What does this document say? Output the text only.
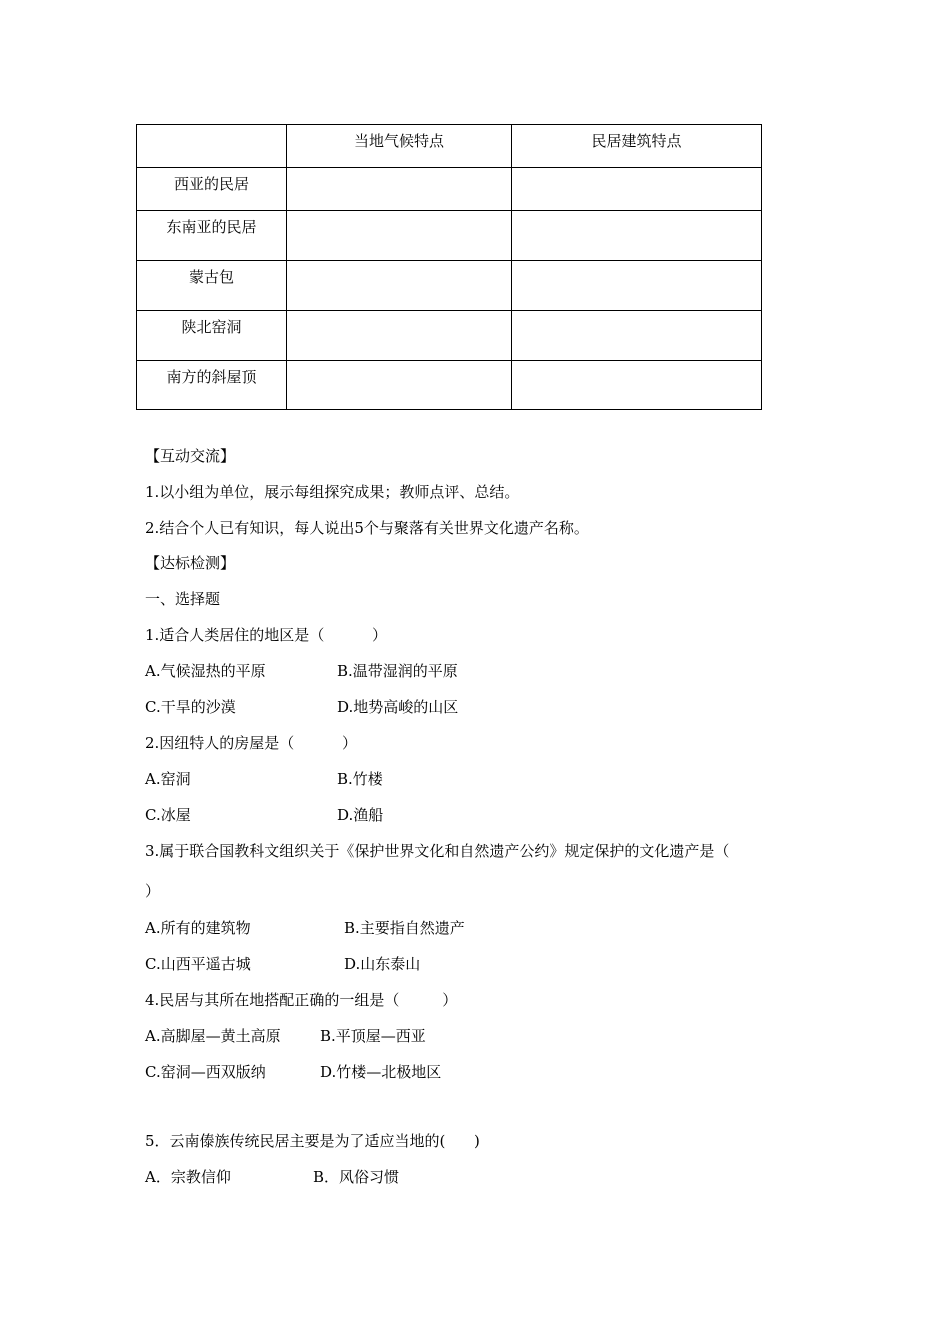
	当地气候特点	民居建筑特点
西亚的民居		
东南亚的民居		
蒙古包		
陕北窑洞		
南方的斜屋顶		
【互动交流】
1.以小组为单位，展示每组探究成果；教师点评、总结。
2.结合个人已有知识，每人说出5个与聚落有关世界文化遗产名称。
【达标检测】
一、选择题
1.适合人类居住的地区是（          ）
A.气候湿热的平原	B.温带湿润的平原
C.干旱的沙漠	D.地势高峻的山区
2.因纽特人的房屋是（          ）
A.窑洞	B.竹楼
C.冰屋	D.渔船
3.属于联合国教科文组织关于《保护世界文化和自然遗产公约》规定保护的文化遗产是（
）
A.所有的建筑物	B.主要指自然遗产
C.山西平遥古城	D.山东泰山
4.民居与其所在地搭配正确的一组是（         ）
A.高脚屋—黄土高原	B.平顶屋—西亚
C.窑洞—西双版纳	D.竹楼—北极地区
5．云南傣族传统民居主要是为了适应当地的(      )
A．宗教信仰	B．风俗习惯
